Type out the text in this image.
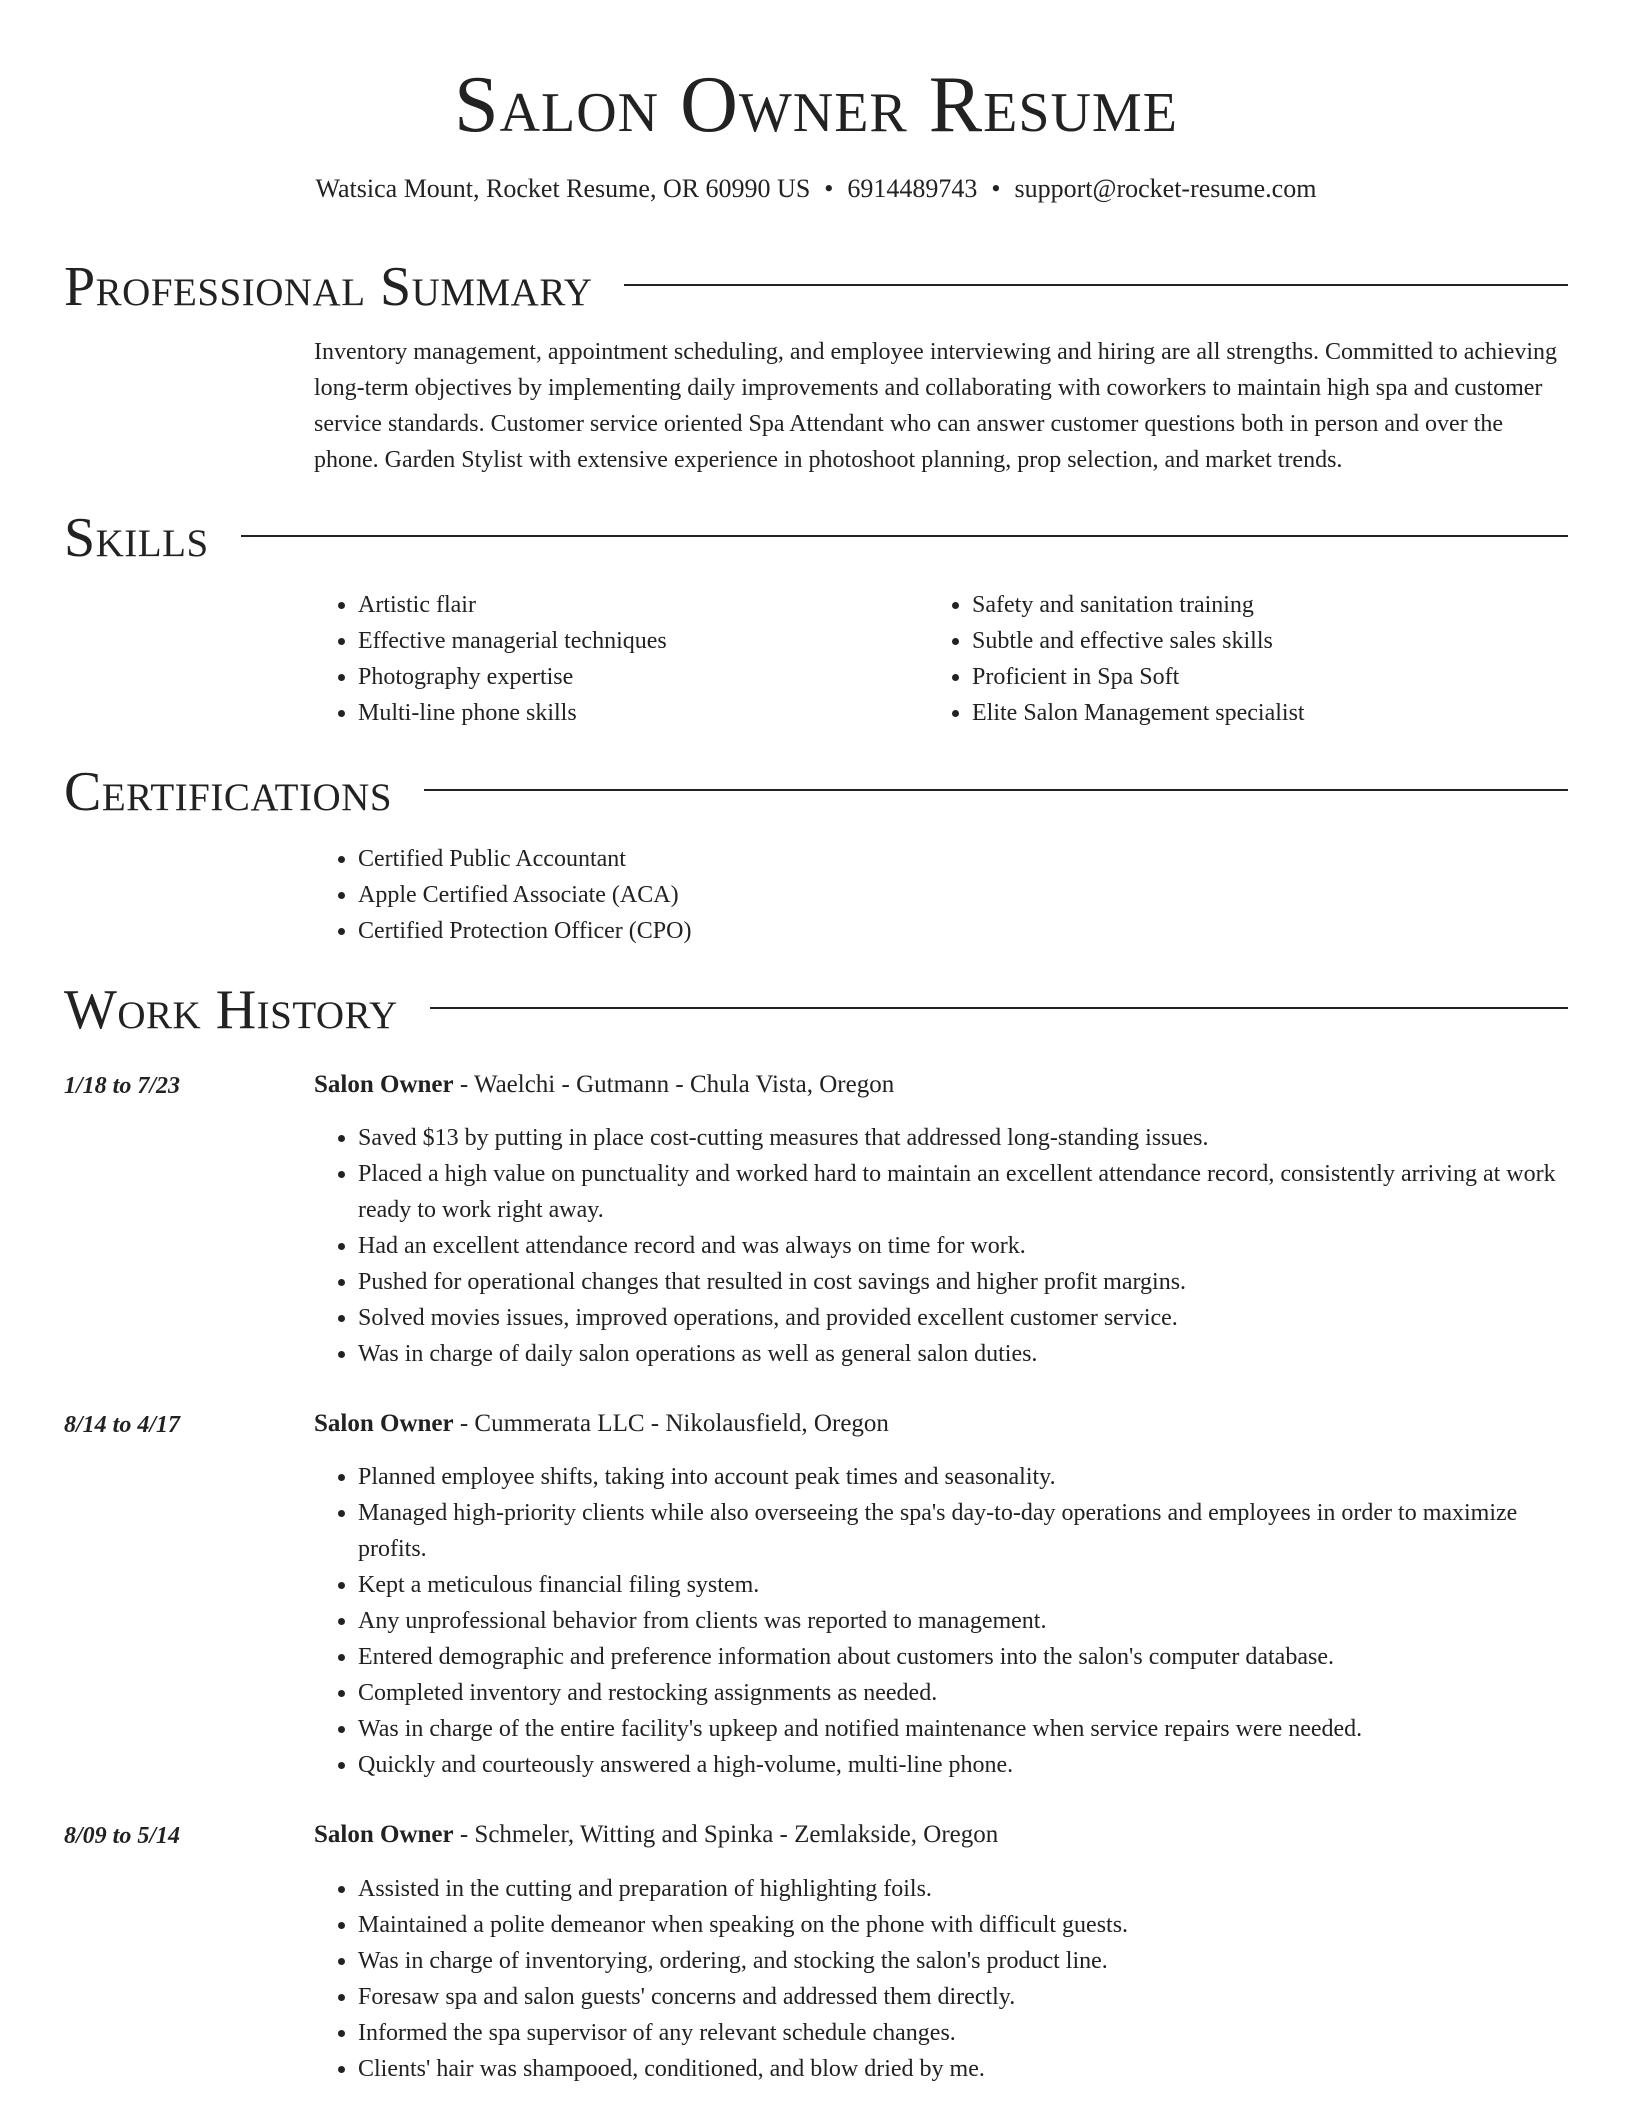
Salon Owner Resume
Watsica Mount, Rocket Resume, OR 60990 US • 6914489743 • support@rocket-resume.com
Professional Summary
Inventory management, appointment scheduling, and employee interviewing and hiring are all strengths. Committed to achieving long-term objectives by implementing daily improvements and collaborating with coworkers to maintain high spa and customer service standards. Customer service oriented Spa Attendant who can answer customer questions both in person and over the phone. Garden Stylist with extensive experience in photoshoot planning, prop selection, and market trends.
Skills
• Artistic flair
• Effective managerial techniques
• Photography expertise
• Multi-line phone skills
• Safety and sanitation training
• Subtle and effective sales skills
• Proficient in Spa Soft
• Elite Salon Management specialist
Certifications
• Certified Public Accountant
• Apple Certified Associate (ACA)
• Certified Protection Officer (CPO)
Work History
1/18 to 7/23	Salon Owner - Waelchi - Gutmann - Chula Vista, Oregon
• Saved $13 by putting in place cost-cutting measures that addressed long-standing issues.
• Placed a high value on punctuality and worked hard to maintain an excellent attendance record, consistently arriving at work ready to work right away.
• Had an excellent attendance record and was always on time for work.
• Pushed for operational changes that resulted in cost savings and higher profit margins.
• Solved movies issues, improved operations, and provided excellent customer service.
• Was in charge of daily salon operations as well as general salon duties.
8/14 to 4/17	Salon Owner - Cummerata LLC - Nikolausfield, Oregon
• Planned employee shifts, taking into account peak times and seasonality.
• Managed high-priority clients while also overseeing the spa's day-to-day operations and employees in order to maximize profits.
• Kept a meticulous financial filing system.
• Any unprofessional behavior from clients was reported to management.
• Entered demographic and preference information about customers into the salon's computer database.
• Completed inventory and restocking assignments as needed.
• Was in charge of the entire facility's upkeep and notified maintenance when service repairs were needed.
• Quickly and courteously answered a high-volume, multi-line phone.
8/09 to 5/14	Salon Owner - Schmeler, Witting and Spinka - Zemlakside, Oregon
• Assisted in the cutting and preparation of highlighting foils.
• Maintained a polite demeanor when speaking on the phone with difficult guests.
• Was in charge of inventorying, ordering, and stocking the salon's product line.
• Foresaw spa and salon guests' concerns and addressed them directly.
• Informed the spa supervisor of any relevant schedule changes.
• Clients' hair was shampooed, conditioned, and blow dried by me.
